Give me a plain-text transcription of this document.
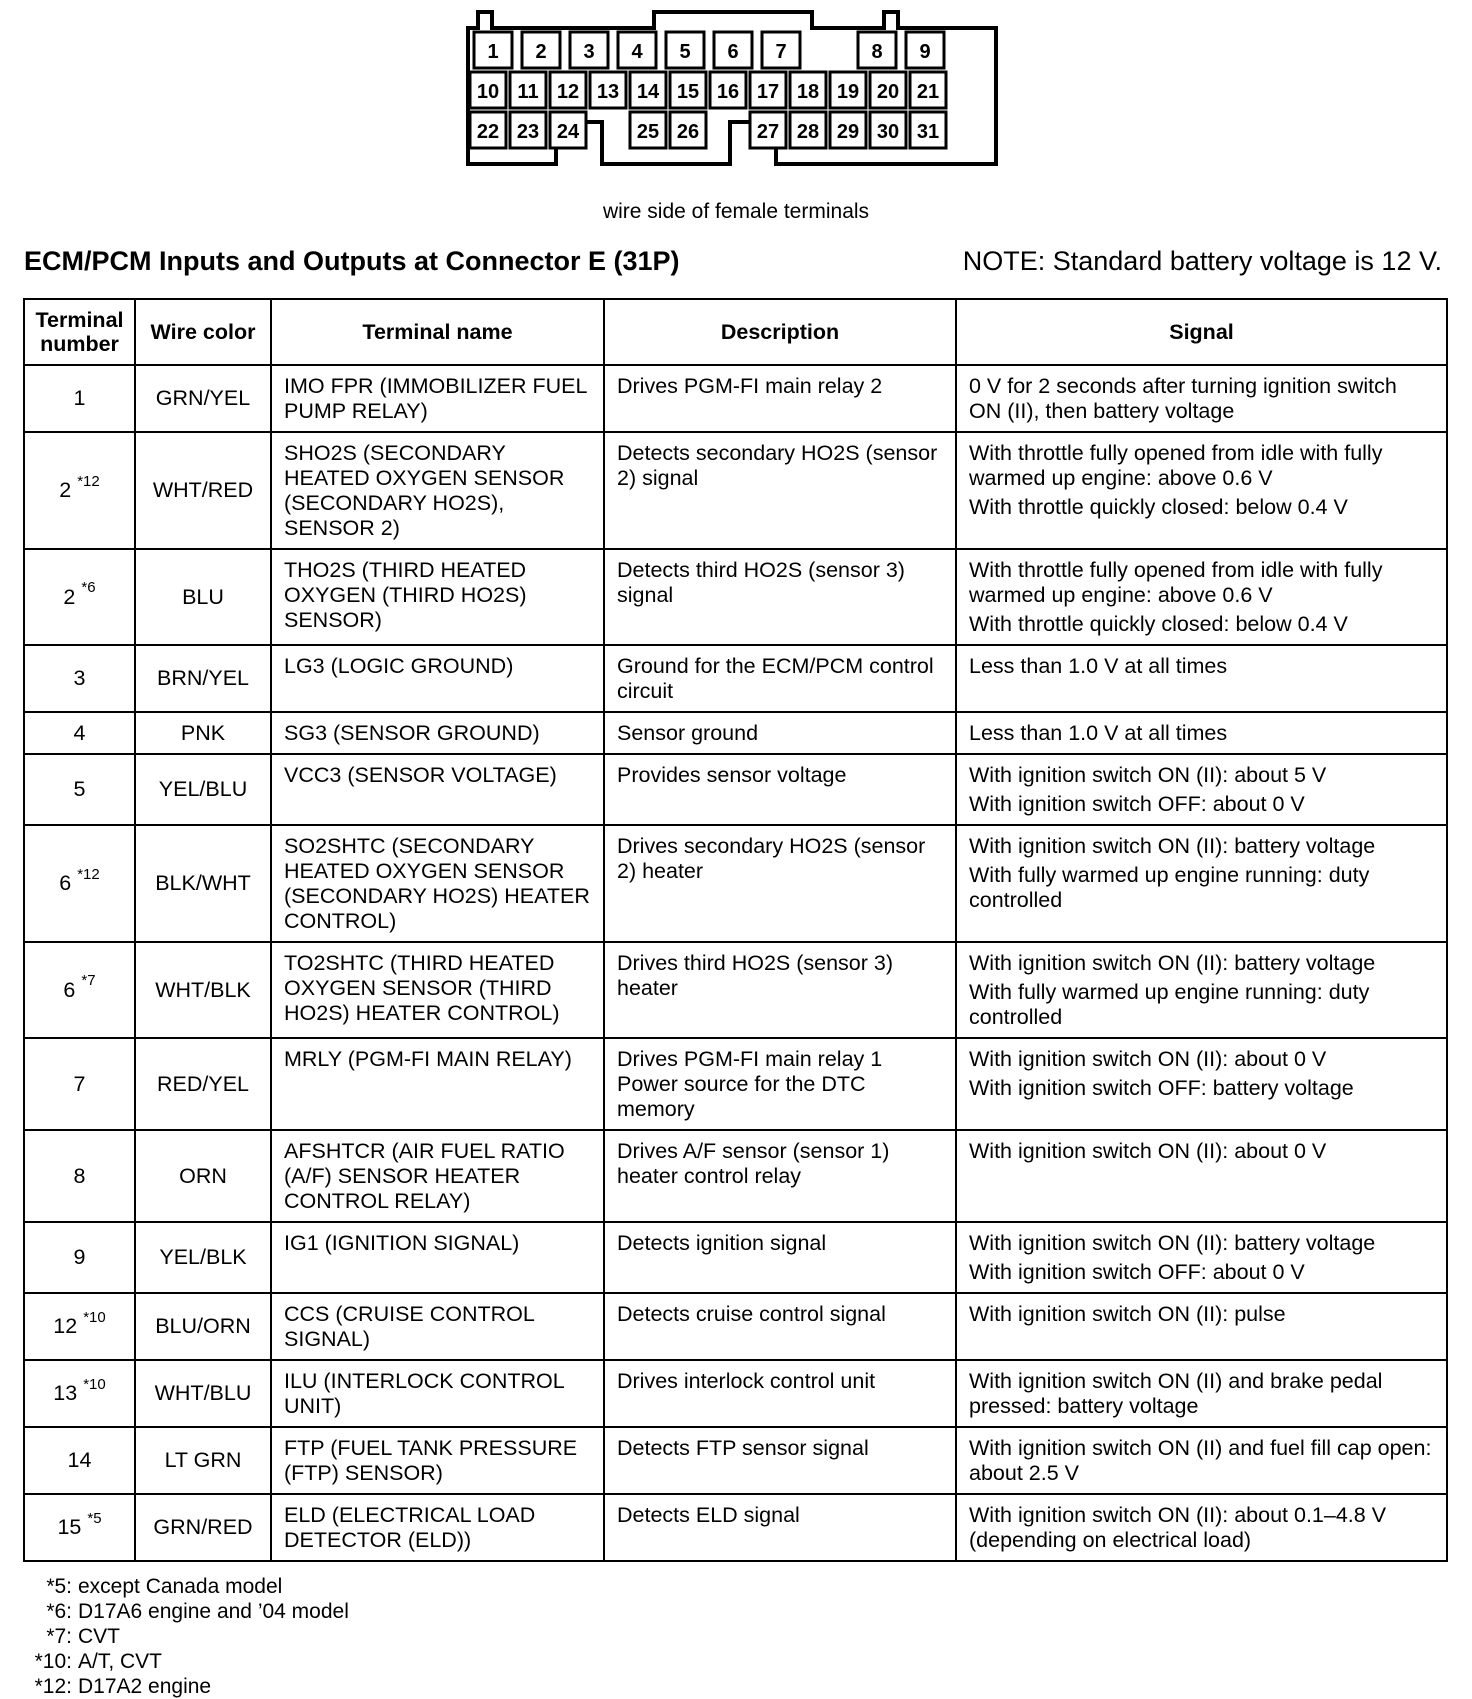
1 2 3 4 5 6 7	8 9
10 11 12 13 14 15 16 17 18 19 20 21
22 23 24	25 26	27 28 29 30 31
wire side of female terminals
ECM/PCM Inputs and Outputs at Connector E (31P)	NOTE: Standard battery voltage is 12 V.
Terminal number	Wire color	Terminal name	Description	Signal
1	GRN/YEL	IMO FPR (IMMOBILIZER FUEL PUMP RELAY)	Drives PGM-FI main relay 2	0 V for 2 seconds after turning ignition switch ON (II), then battery voltage

2 $^{*12}$	WHT/RED	SHO2S (SECONDARY HEATED OXYGEN SENSOR (SECONDARY HO2S), SENSOR 2)	Detects secondary HO2S (sensor 2) signal	With throttle fully opened from idle with fully warmed up engine: above 0.6 V
With throttle quickly closed: below 0.4 V

2 $^{*6}$	BLU	THO2S (THIRD HEATED OXYGEN (THIRD HO2S) SENSOR)	Detects third HO2S (sensor 3) signal	With throttle fully opened from idle with fully warmed up engine: above 0.6 V
With throttle quickly closed: below 0.4 V

3	BRN/YEL	LG3 (LOGIC GROUND)	Ground for the ECM/PCM control circuit	Less than 1.0 V at all times

4	PNK	SG3 (SENSOR GROUND)	Sensor ground	Less than 1.0 V at all times

5	YEL/BLU	VCC3 (SENSOR VOLTAGE)	Provides sensor voltage	With ignition switch ON (II): about 5 V
With ignition switch OFF: about 0 V

6 $^{*12}$	BLK/WHT	SO2SHTC (SECONDARY HEATED OXYGEN SENSOR (SECONDARY HO2S) HEATER CONTROL)	Drives secondary HO2S (sensor 2) heater	With ignition switch ON (II): battery voltage
With fully warmed up engine running: duty controlled

6 $^{*7}$	WHT/BLK	TO2SHTC (THIRD HEATED OXYGEN SENSOR (THIRD HO2S) HEATER CONTROL)	Drives third HO2S (sensor 3) heater	With ignition switch ON (II): battery voltage
With fully warmed up engine running: duty controlled

7	RED/YEL	MRLY (PGM-FI MAIN RELAY)	Drives PGM-FI main relay 1 Power source for the DTC memory	With ignition switch ON (II): about 0 V
With ignition switch OFF: battery voltage

8	ORN	AFSHTCR (AIR FUEL RATIO (A/F) SENSOR HEATER CONTROL RELAY)	Drives A/F sensor (sensor 1) heater control relay	With ignition switch ON (II): about 0 V

9	YEL/BLK	IG1 (IGNITION SIGNAL)	Detects ignition signal	With ignition switch ON (II): battery voltage
With ignition switch OFF: about 0 V

12 $^{*10}$	BLU/ORN	CCS (CRUISE CONTROL SIGNAL)	Detects cruise control signal	With ignition switch ON (II): pulse

13 $^{*10}$	WHT/BLU	ILU (INTERLOCK CONTROL UNIT)	Drives interlock control unit	With ignition switch ON (II) and brake pedal pressed: battery voltage

14	LT GRN	FTP (FUEL TANK PRESSURE (FTP) SENSOR)	Detects FTP sensor signal	With ignition switch ON (II) and fuel fill cap open: about 2.5 V

15 $^{*5}$	GRN/RED	ELD (ELECTRICAL LOAD DETECTOR (ELD))	Detects ELD signal	With ignition switch ON (II): about 0.1–4.8 V (depending on electrical load)
*5: except Canada model
*6: D17A6 engine and ’04 model
*7: CVT
*10: A/T, CVT
*12: D17A2 engine
